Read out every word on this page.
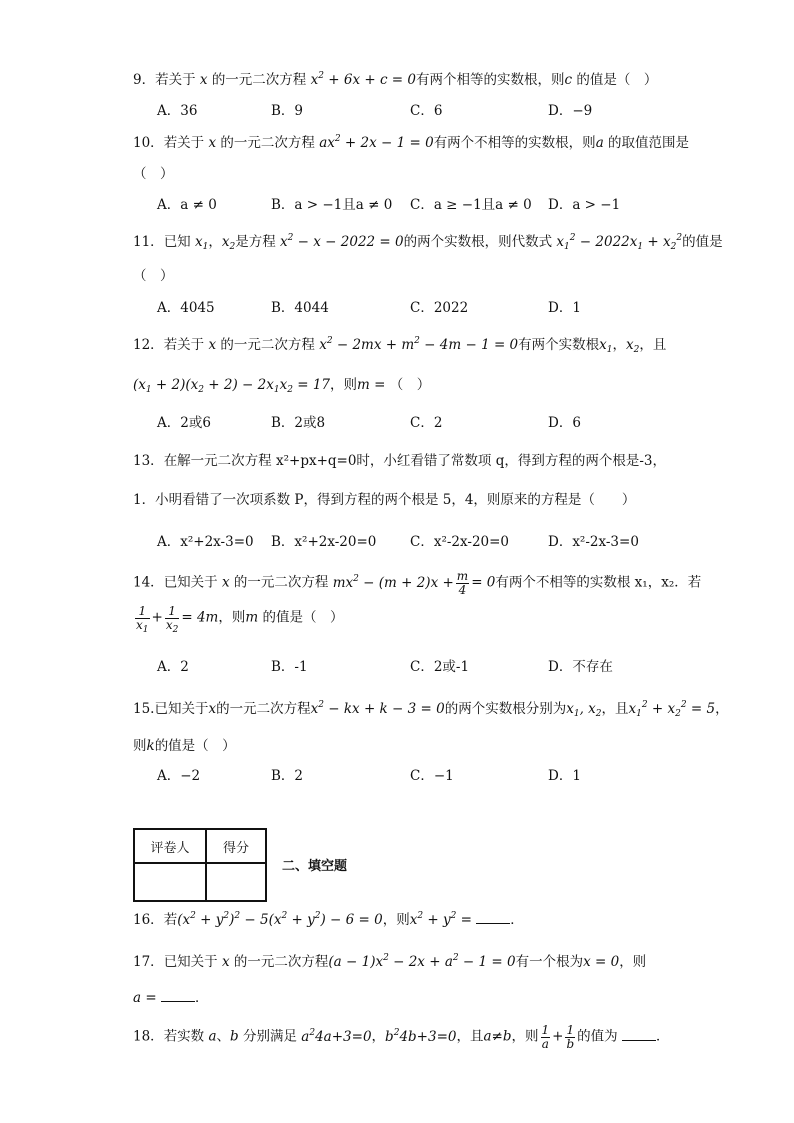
9．若关于 x 的一元二次方程 $x^2 + 6x + c = 0$有两个相等的实数根，则c 的值是（　）
A．36	B．9	C．6	D．−9
10．若关于 x 的一元二次方程 $ax^2 + 2x - 1 = 0$有两个不相等的实数根，则a 的取值范围是
（　）
A．a ≠ 0	B．a > −1且a ≠ 0 C．a ≥ −1且a ≠ 0 D．a > −1
11．已知 $x_1$，$x_2$是方程 $x^2 - x - 2022 = 0$的两个实数根，则代数式 $x_1^2 - 2022x_1 + x_2^2$的值是
（　）
A．4045	B．4044	C．2022	D．1
12．若关于 x 的一元二次方程 $x^2 - 2mx + m^2 - 4m - 1 = 0$有两个实数根$x_1$，$x_2$，且
$(x_1 + 2)(x_2 + 2) - 2x_1x_2 = 17$，则m = （　）
A．2或6	B．2或8	C．2	D．6
13．在解一元二次方程 x²+px+q=0时，小红看错了常数项 q，得到方程的两个根是-3，
1．小明看错了一次项系数 P，得到方程的两个根是 5，4，则原来的方程是（　　）
A．x²+2x-3=0 B．x²+2x-20=0 C．x²-2x-20=0	D．x²-2x-3=0
14．已知关于 x 的一元二次方程 $mx^2 - (m + 2)x + \frac{m}{4} = 0$有两个不相等的实数根 x₁，x₂．若
$\frac{1}{x_1} + \frac{1}{x_2} = 4m$，则m 的值是（　）
A．2	B．-1	C．2或-1	D．不存在
15.已知关于x的一元二次方程$x^2$ − kx + k − 3 = 0的两个实数根分别为$x_1$, $x_2$，且$x_1^2 + x_2^2 = 5$，
则k的值是（　）
A．−2	B．2	C．−1	D．1
评卷人	得分

二、填空题
16．若$(x^2 + y^2)^2 - 5(x^2 + y^2) - 6 = 0$，则$x^2 + y^2$ =	．
17．已知关于 x 的一元二次方程$(a - 1)x^2 - 2x + a^2 - 1 = 0$有一个根为x = 0，则
a =	．
18．若实数 a、b 分别满足 $a^24a+3=0$，$b^24b+3=0$，且a≠b，则 $\frac{1}{a} + \frac{1}{b}$ 的值为	．
